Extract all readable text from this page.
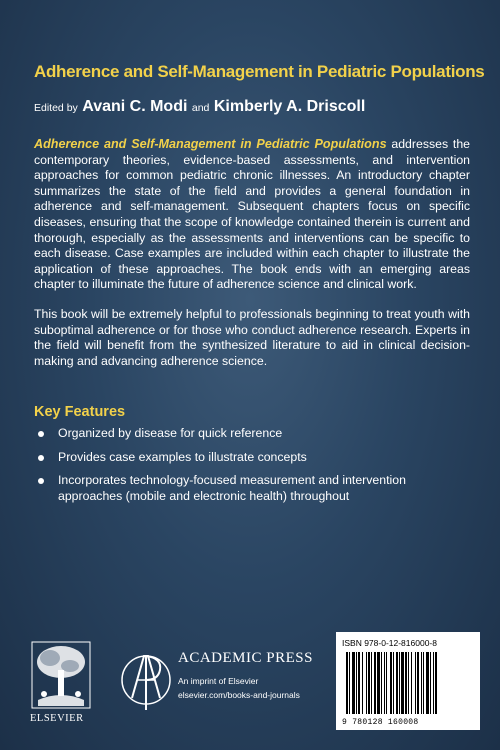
Adherence and Self-Management in Pediatric Populations
Edited by Avani C. Modi and Kimberly A. Driscoll

Adherence and Self-Management in Pediatric Populations addresses the contemporary theories, evidence-based assessments, and intervention approaches for common pediatric chronic illnesses. An introductory chapter summarizes the state of the field and provides a general foundation in adherence and self-management. Subsequent chapters focus on specific diseases, ensuring that the scope of knowledge contained therein is current and thorough, especially as the assessments and interventions can be specific to each disease. Case examples are included within each chapter to illustrate the application of these approaches. The book ends with an emerging areas chapter to illuminate the future of adherence science and clinical work.

This book will be extremely helpful to professionals beginning to treat youth with suboptimal adherence or for those who conduct adherence research. Experts in the field will benefit from the synthesized literature to aid in clinical decision-making and advancing adherence science.

Key Features
Organized by disease for quick reference
Provides case examples to illustrate concepts
Incorporates technology-focused measurement and intervention approaches (mobile and electronic health) throughout
ELSEVIER
ACADEMIC PRESS
An imprint of Elsevier
elsevier.com/books-and-journals
ISBN 978-0-12-816000-8
9 780128 160008
